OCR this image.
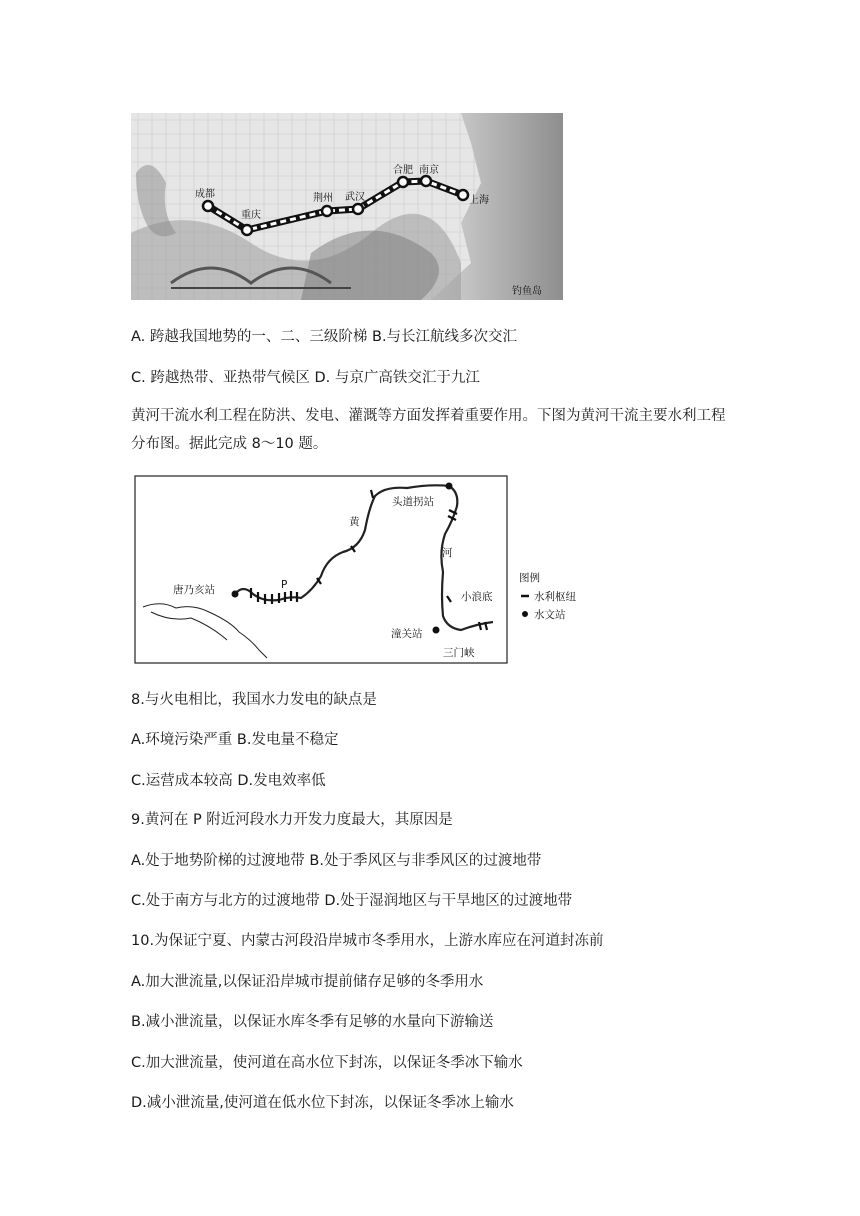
成都
重庆
荆州 武汉
合肥 南京
上海
钓鱼岛
A. 跨越我国地势的一、二、三级阶梯 B.与长江航线多次交汇
C. 跨越热带、亚热带气候区 D. 与京广高铁交汇于九江
黄河干流水利工程在防洪、发电、灌溉等方面发挥着重要作用。下图为黄河干流主要水利工程分布图。据此完成 8～10 题。
头道拐站
黄
河
唐乃亥站	P
小浪底
潼关站
三门峡
图例
水利枢纽
水文站
8.与火电相比，我国水力发电的缺点是
A.环境污染严重 B.发电量不稳定
C.运营成本较高 D.发电效率低
9.黄河在 P 附近河段水力开发力度最大，其原因是
A.处于地势阶梯的过渡地带 B.处于季风区与非季风区的过渡地带
C.处于南方与北方的过渡地带 D.处于湿润地区与干旱地区的过渡地带
10.为保证宁夏、内蒙古河段沿岸城市冬季用水，上游水库应在河道封冻前
A.加大泄流量,以保证沿岸城市提前储存足够的冬季用水
B.减小泄流量，以保证水库冬季有足够的水量向下游输送
C.加大泄流量，使河道在高水位下封冻，以保证冬季冰下输水
D.减小泄流量,使河道在低水位下封冻，以保证冬季冰上输水
